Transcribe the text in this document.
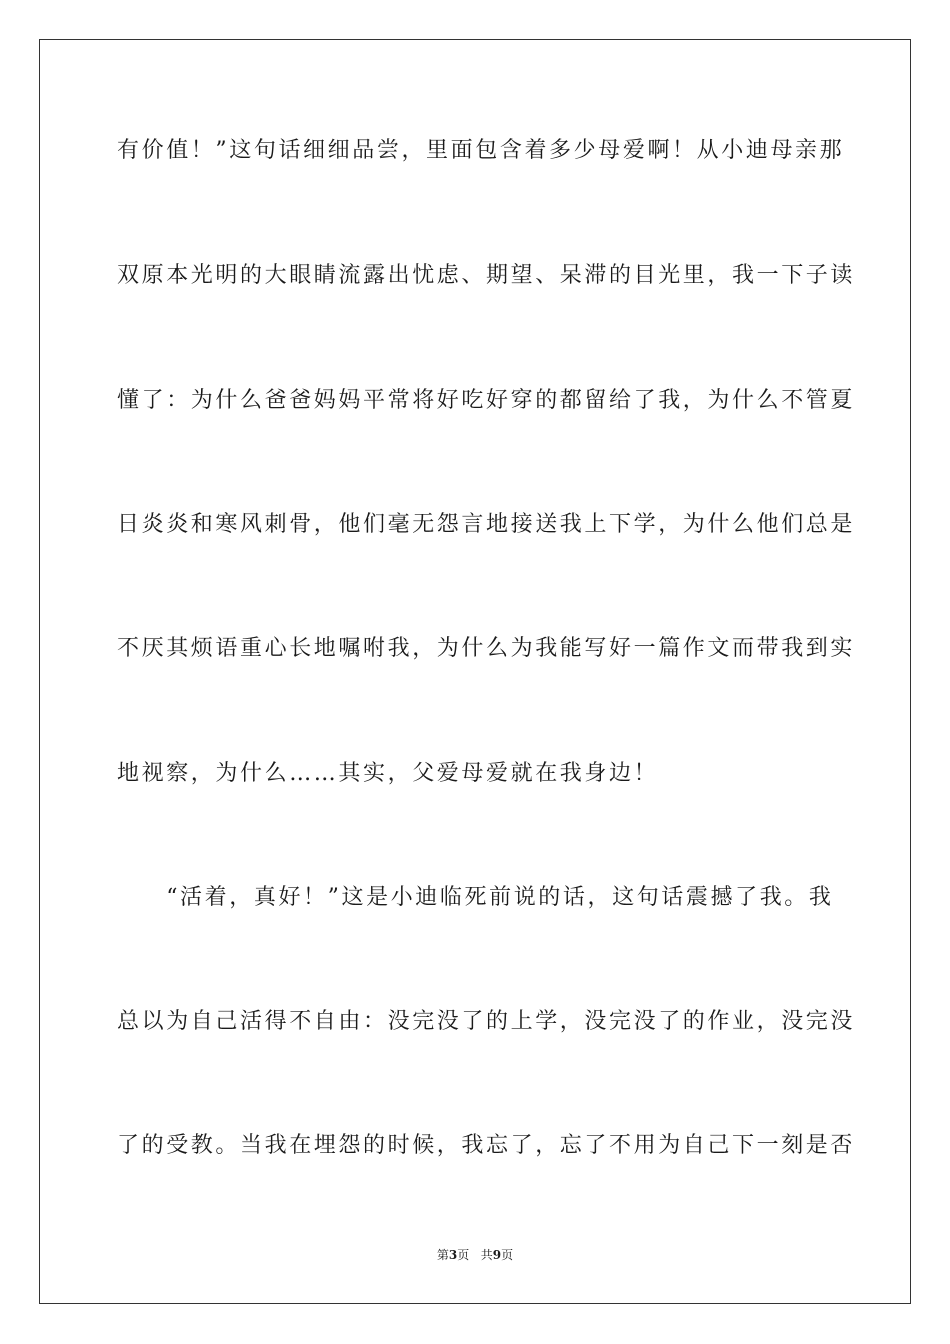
有价值！”这句话细细品尝，里面包含着多少母爱啊！从小迪母亲那
双原本光明的大眼睛流露出忧虑、期望、呆滞的目光里，我一下子读
懂了：为什么爸爸妈妈平常将好吃好穿的都留给了我，为什么不管夏
日炎炎和寒风刺骨，他们毫无怨言地接送我上下学，为什么他们总是
不厌其烦语重心长地嘱咐我，为什么为我能写好一篇作文而带我到实
地视察，为什么……其实，父爱母爱就在我身边！
　　“活着，真好！”这是小迪临死前说的话，这句话震撼了我。我
总以为自己活得不自由：没完没了的上学，没完没了的作业，没完没
了的受教。当我在埋怨的时候，我忘了，忘了不用为自己下一刻是否
第3页 共9页
